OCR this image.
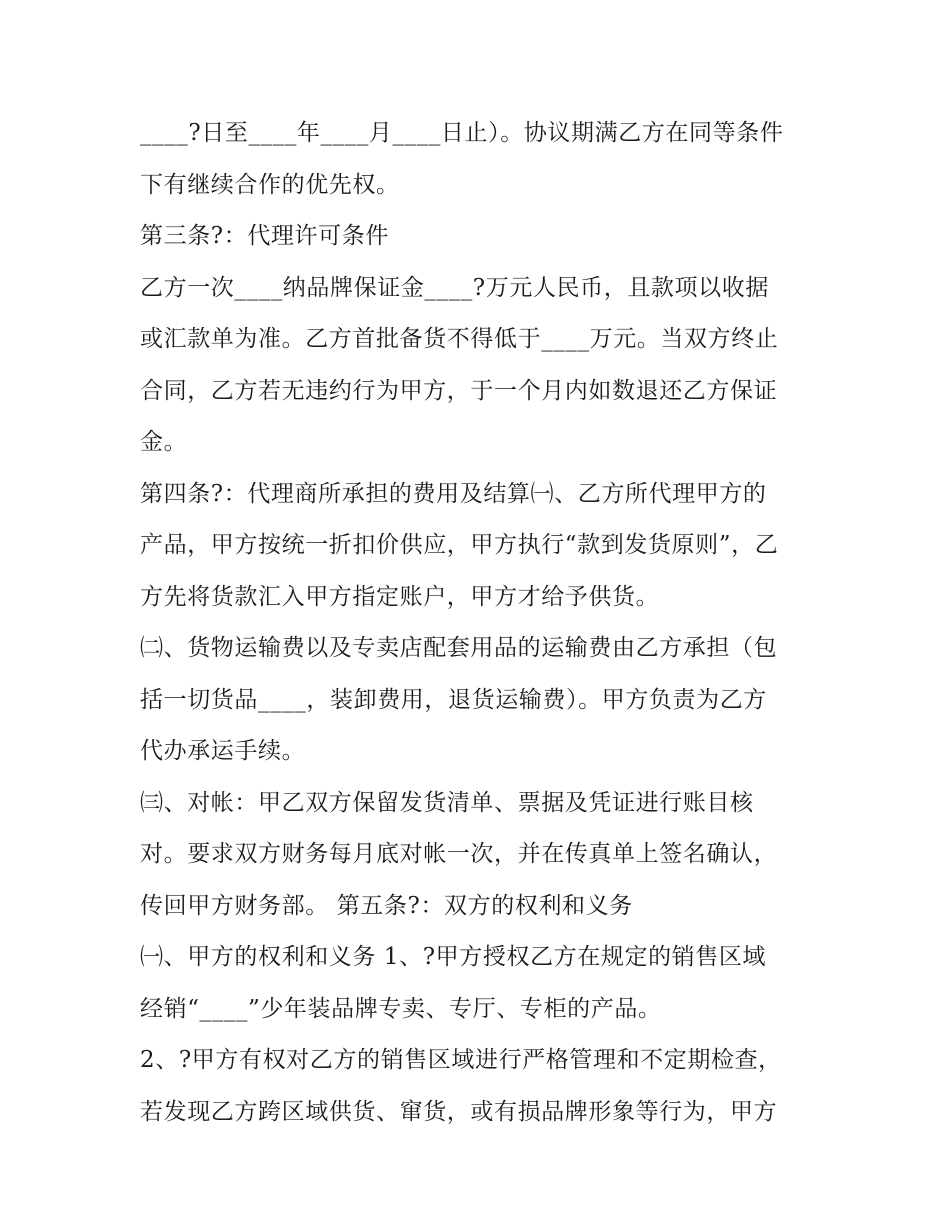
____?日至____年____月____日止）。协议期满乙方在同等条件
下有继续合作的优先权。
第三条?：代理许可条件
乙方一次____纳品牌保证金____?万元人民币，且款项以收据
或汇款单为准。乙方首批备货不得低于____万元。当双方终止
合同，乙方若无违约行为甲方，于一个月内如数退还乙方保证
金。
第四条?：代理商所承担的费用及结算㈠、乙方所代理甲方的
产品，甲方按统一折扣价供应，甲方执行“款到发货原则”，乙
方先将货款汇入甲方指定账户，甲方才给予供货。
㈡、货物运输费以及专卖店配套用品的运输费由乙方承担（包
括一切货品____，装卸费用，退货运输费）。甲方负责为乙方
代办承运手续。
㈢、对帐：甲乙双方保留发货清单、票据及凭证进行账目核
对。要求双方财务每月底对帐一次，并在传真单上签名确认，
传回甲方财务部。 第五条?：双方的权利和义务
㈠、甲方的权利和义务 1、?甲方授权乙方在规定的销售区域
经销“____”少年装品牌专卖、专厅、专柜的产品。
2、?甲方有权对乙方的销售区域进行严格管理和不定期检查，
若发现乙方跨区域供货、窜货，或有损品牌形象等行为，甲方
